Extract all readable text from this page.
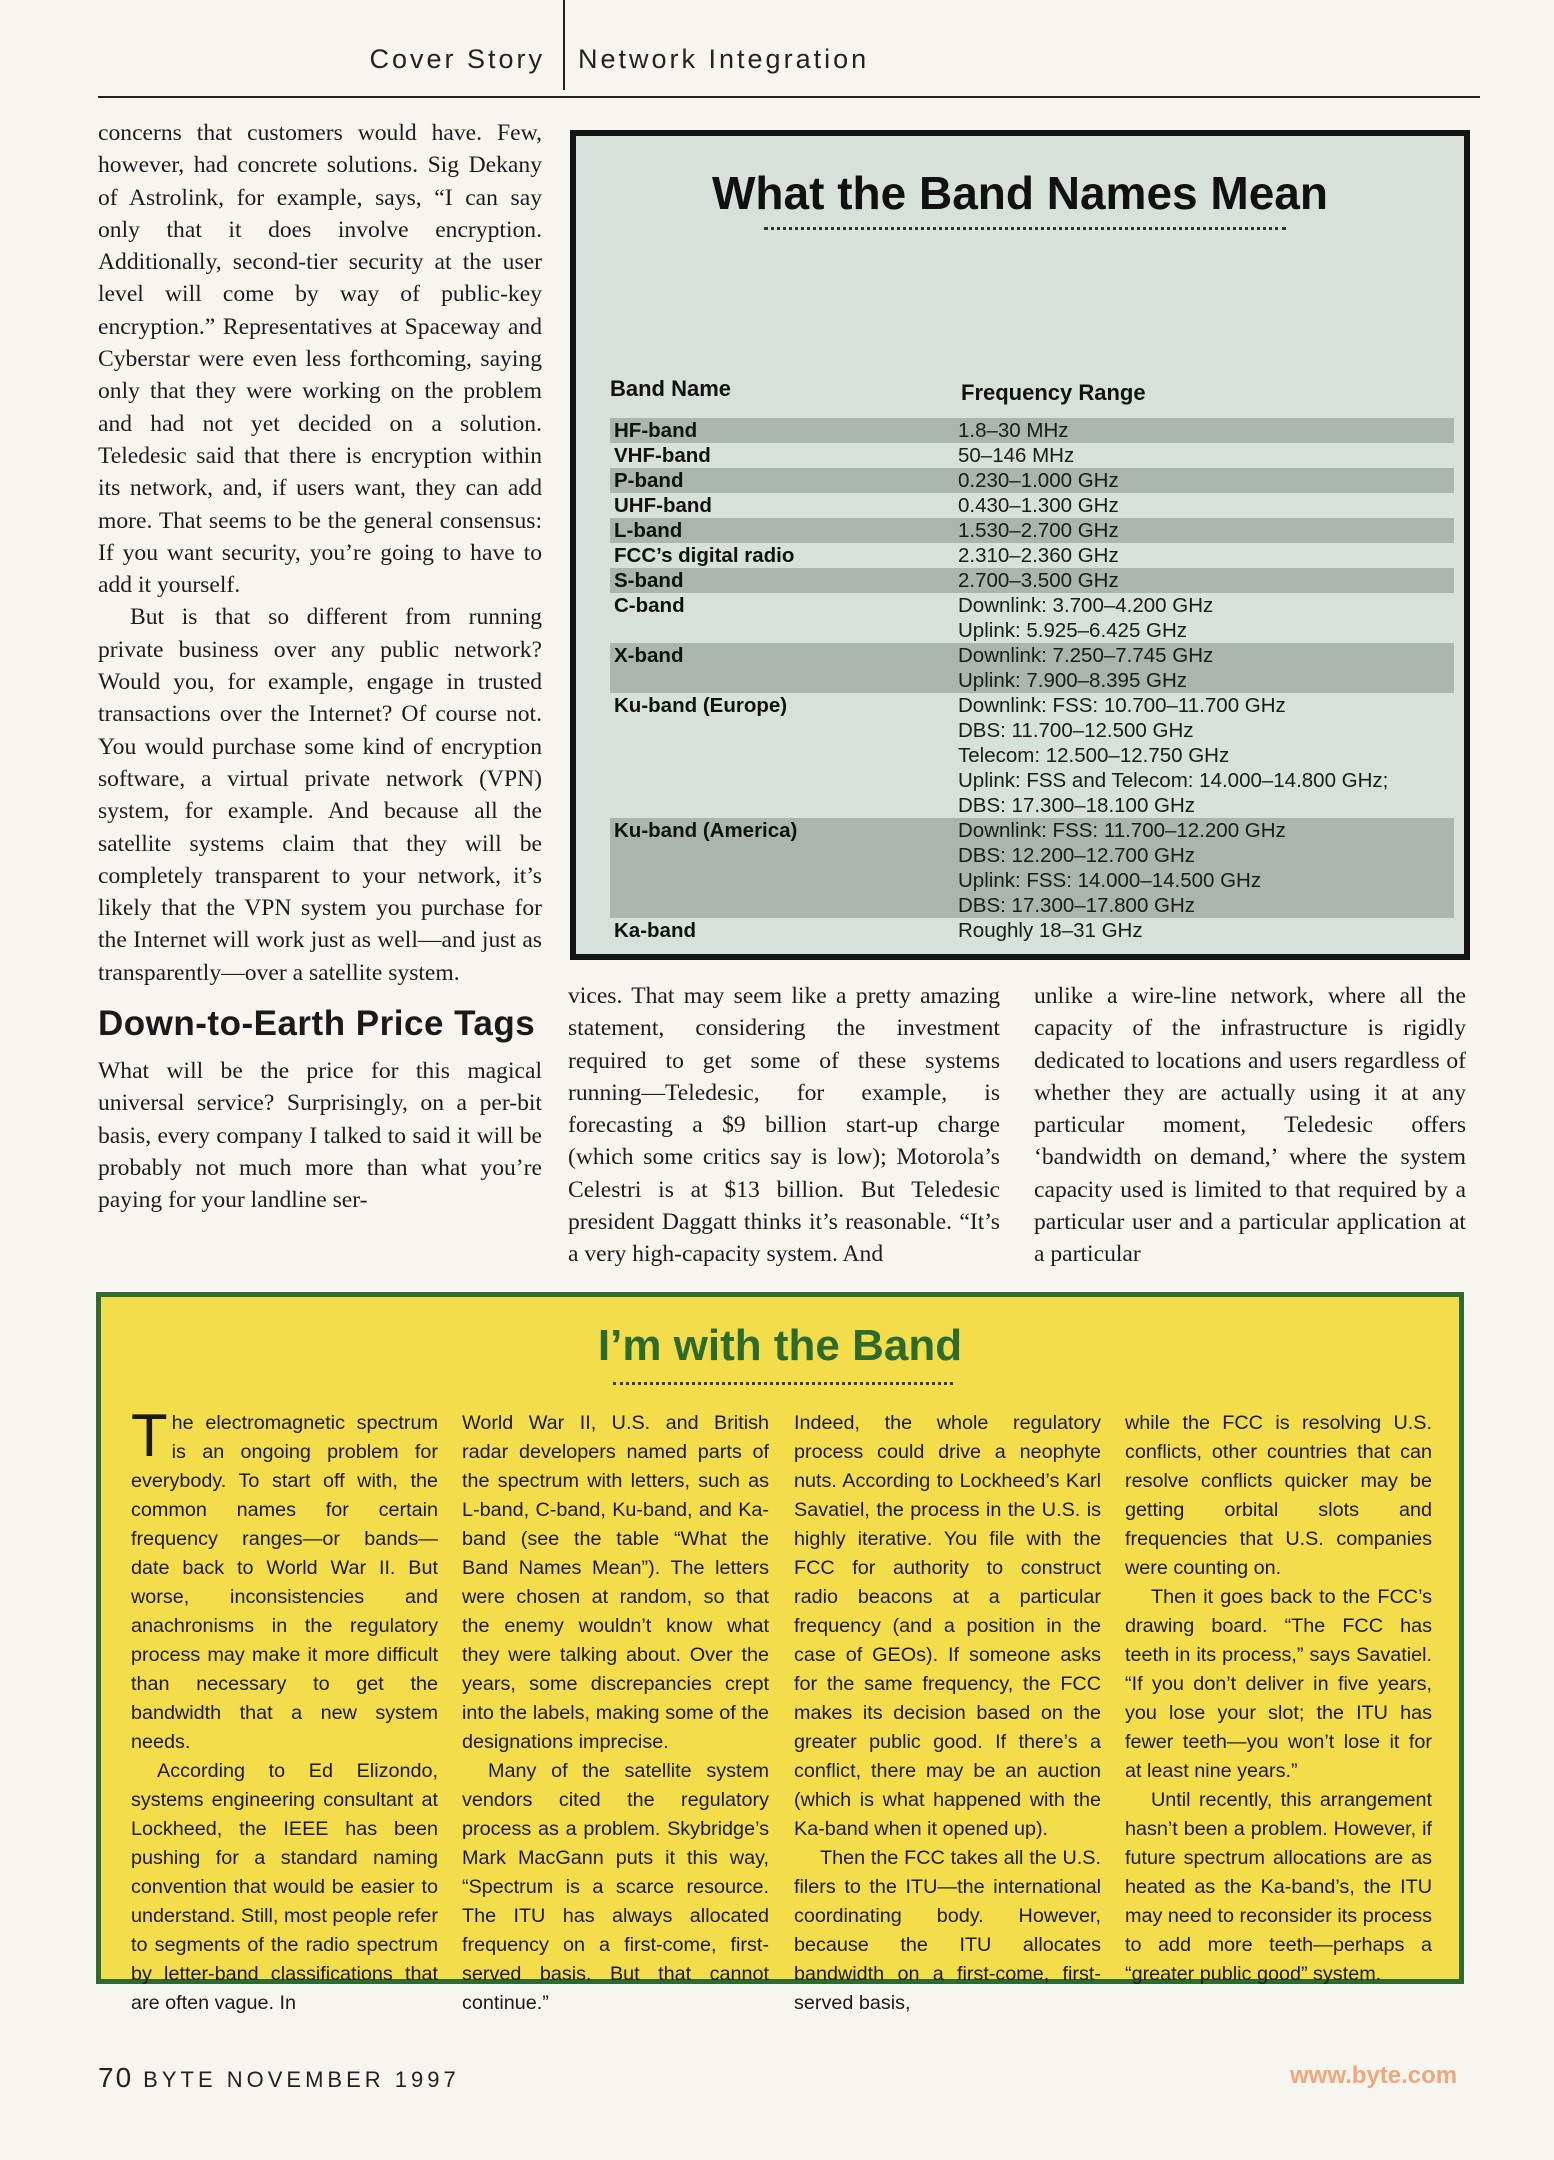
Cover Story Network Integration

concerns that customers would have. Few, however, had concrete solutions. Sig Dekany of Astrolink, for example, says, “I can say only that it does involve encryption. Additionally, second-tier security at the user level will come by way of public-key encryption.” Representatives at Spaceway and Cyberstar were even less forthcoming, saying only that they were working on the problem and had not yet decided on a solution. Teledesic said that there is encryption within its network, and, if users want, they can add more. That seems to be the general consensus: If you want security, you’re going to have to add it yourself.

But is that so different from running private business over any public network? Would you, for example, engage in trusted transactions over the Internet? Of course not. You would purchase some kind of encryption software, a virtual private network (VPN) system, for example. And because all the satellite systems claim that they will be completely transparent to your network, it’s likely that the VPN system you purchase for the Internet will work just as well—and just as transparently—over a satellite system.

Down-to-Earth Price Tags

What will be the price for this magical universal service? Surprisingly, on a per-bit basis, every company I talked to said it will be probably not much more than what you’re paying for your landline ser-

What the Band Names Mean
Band Name	Frequency Range
HF-band	1.8–30 MHz
VHF-band	50–146 MHz
P-band	0.230–1.000 GHz
UHF-band	0.430–1.300 GHz
L-band	1.530–2.700 GHz
FCC’s digital radio	2.310–2.360 GHz
S-band	2.700–3.500 GHz
C-band	Downlink: 3.700–4.200 GHz
Uplink: 5.925–6.425 GHz
X-band	Downlink: 7.250–7.745 GHz
Uplink: 7.900–8.395 GHz
Ku-band (Europe)	Downlink: FSS: 10.700–11.700 GHz
DBS: 11.700–12.500 GHz
Telecom: 12.500–12.750 GHz
Uplink: FSS and Telecom: 14.000–14.800 GHz;
DBS: 17.300–18.100 GHz
Ku-band (America)	Downlink: FSS: 11.700–12.200 GHz
DBS: 12.200–12.700 GHz
Uplink: FSS: 14.000–14.500 GHz
DBS: 17.300–17.800 GHz
Ka-band	Roughly 18–31 GHz

vices. That may seem like a pretty amazing statement, considering the investment required to get some of these systems running—Teledesic, for example, is forecasting a $9 billion start-up charge (which some critics say is low); Motorola’s Celestri is at $13 billion. But Teledesic president Daggatt thinks it’s reasonable. “It’s a very high-capacity system. And

unlike a wire-line network, where all the capacity of the infrastructure is rigidly dedicated to locations and users regardless of whether they are actually using it at any particular moment, Teledesic offers ‘bandwidth on demand,’ where the system capacity used is limited to that required by a particular user and a particular application at a particular

I’m with the Band

The electromagnetic spectrum is an ongoing problem for everybody. To start off with, the common names for certain frequency ranges—or bands—date back to World War II. But worse, inconsistencies and anachronisms in the regulatory process may make it more difficult than necessary to get the bandwidth that a new system needs.

According to Ed Elizondo, systems engineering consultant at Lockheed, the IEEE has been pushing for a standard naming convention that would be easier to understand. Still, most people refer to segments of the radio spectrum by letter-band classifications that are often vague. In

World War II, U.S. and British radar developers named parts of the spectrum with letters, such as L-band, C-band, Ku-band, and Ka-band (see the table “What the Band Names Mean”). The letters were chosen at random, so that the enemy wouldn’t know what they were talking about. Over the years, some discrepancies crept into the labels, making some of the designations imprecise.

Many of the satellite system vendors cited the regulatory process as a problem. Skybridge’s Mark MacGann puts it this way, “Spectrum is a scarce resource. The ITU has always allocated frequency on a first-come, first-served basis. But that cannot continue.”

Indeed, the whole regulatory process could drive a neophyte nuts. According to Lockheed’s Karl Savatiel, the process in the U.S. is highly iterative. You file with the FCC for authority to construct radio beacons at a particular frequency (and a position in the case of GEOs). If someone asks for the same frequency, the FCC makes its decision based on the greater public good. If there’s a conflict, there may be an auction (which is what happened with the Ka-band when it opened up).

Then the FCC takes all the U.S. filers to the ITU—the international coordinating body. However, because the ITU allocates bandwidth on a first-come, first-served basis,

while the FCC is resolving U.S. conflicts, other countries that can resolve conflicts quicker may be getting orbital slots and frequencies that U.S. companies were counting on.

Then it goes back to the FCC’s drawing board. “The FCC has teeth in its process,” says Savatiel. “If you don’t deliver in five years, you lose your slot; the ITU has fewer teeth—you won’t lose it for at least nine years.”

Until recently, this arrangement hasn’t been a problem. However, if future spectrum allocations are as heated as the Ka-band’s, the ITU may need to reconsider its process to add more teeth—perhaps a “greater public good” system.

70 BYTE NOVEMBER 1997	www.byte.com
